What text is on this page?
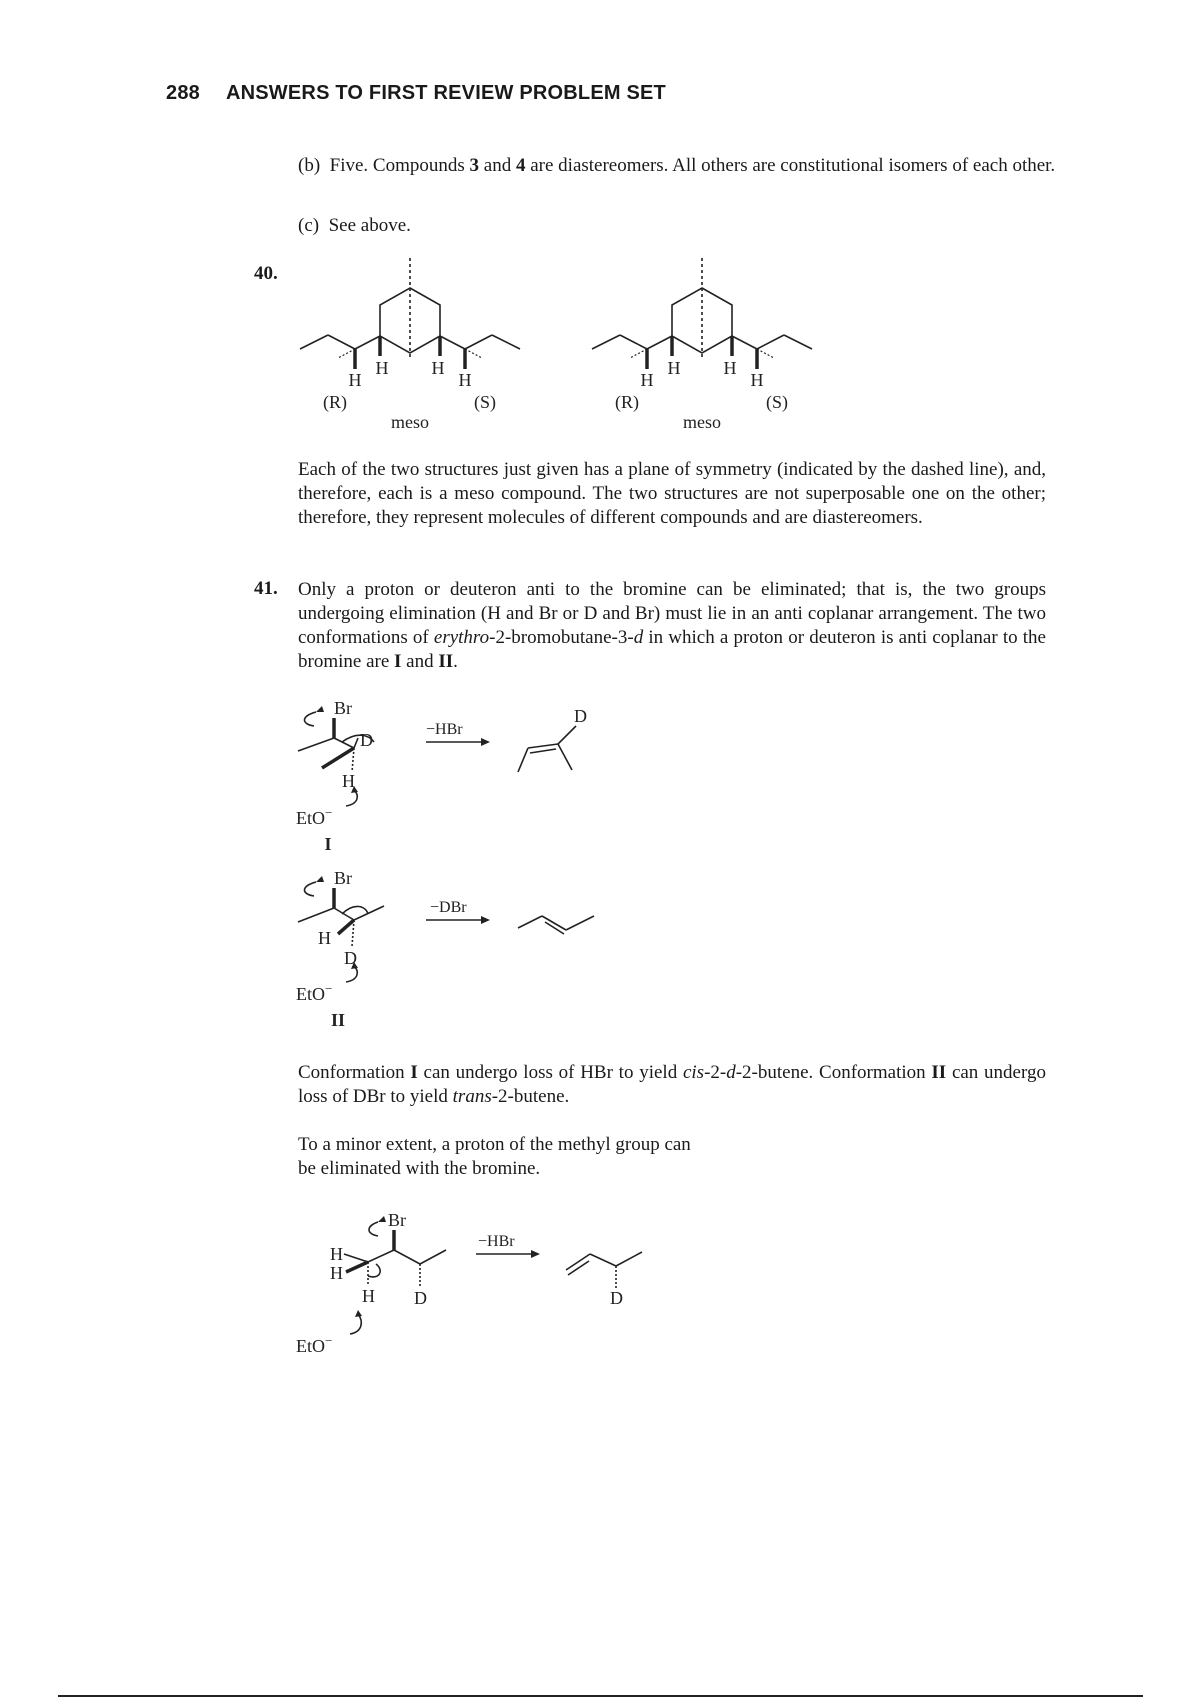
288 ANSWERS TO FIRST REVIEW PROBLEM SET
(b) Five. Compounds 3 and 4 are diastereomers. All others are constitutional isomers of each other.
(c) See above.
40.
H
H H
H
(R)	(S)
meso
H
H H
H
(R)	(S)
meso
Each of the two structures just given has a plane of symmetry (indicated by the dashed line), and, therefore, each is a meso compound. The two structures are not superposable one on the other; therefore, they represent molecules of different compounds and are diastereomers.
41. Only a proton or deuteron anti to the bromine can be eliminated; that is, the two groups undergoing elimination (H and Br or D and Br) must lie in an anti coplanar arrangement. The two conformations of erythro-2-bromobutane-3-d in which a proton or deuteron is anti coplanar to the bromine are I and II.
Br
D
H
−HBr
D
EtO−
I
Br
H
D
−DBr
EtO−
II
Conformation I can undergo loss of HBr to yield cis-2-d-2-butene. Conformation II can undergo loss of DBr to yield trans-2-butene.
To a minor extent, a proton of the methyl group can be eliminated with the bromine.
Br
H
H
H D
−HBr
D
EtO−
